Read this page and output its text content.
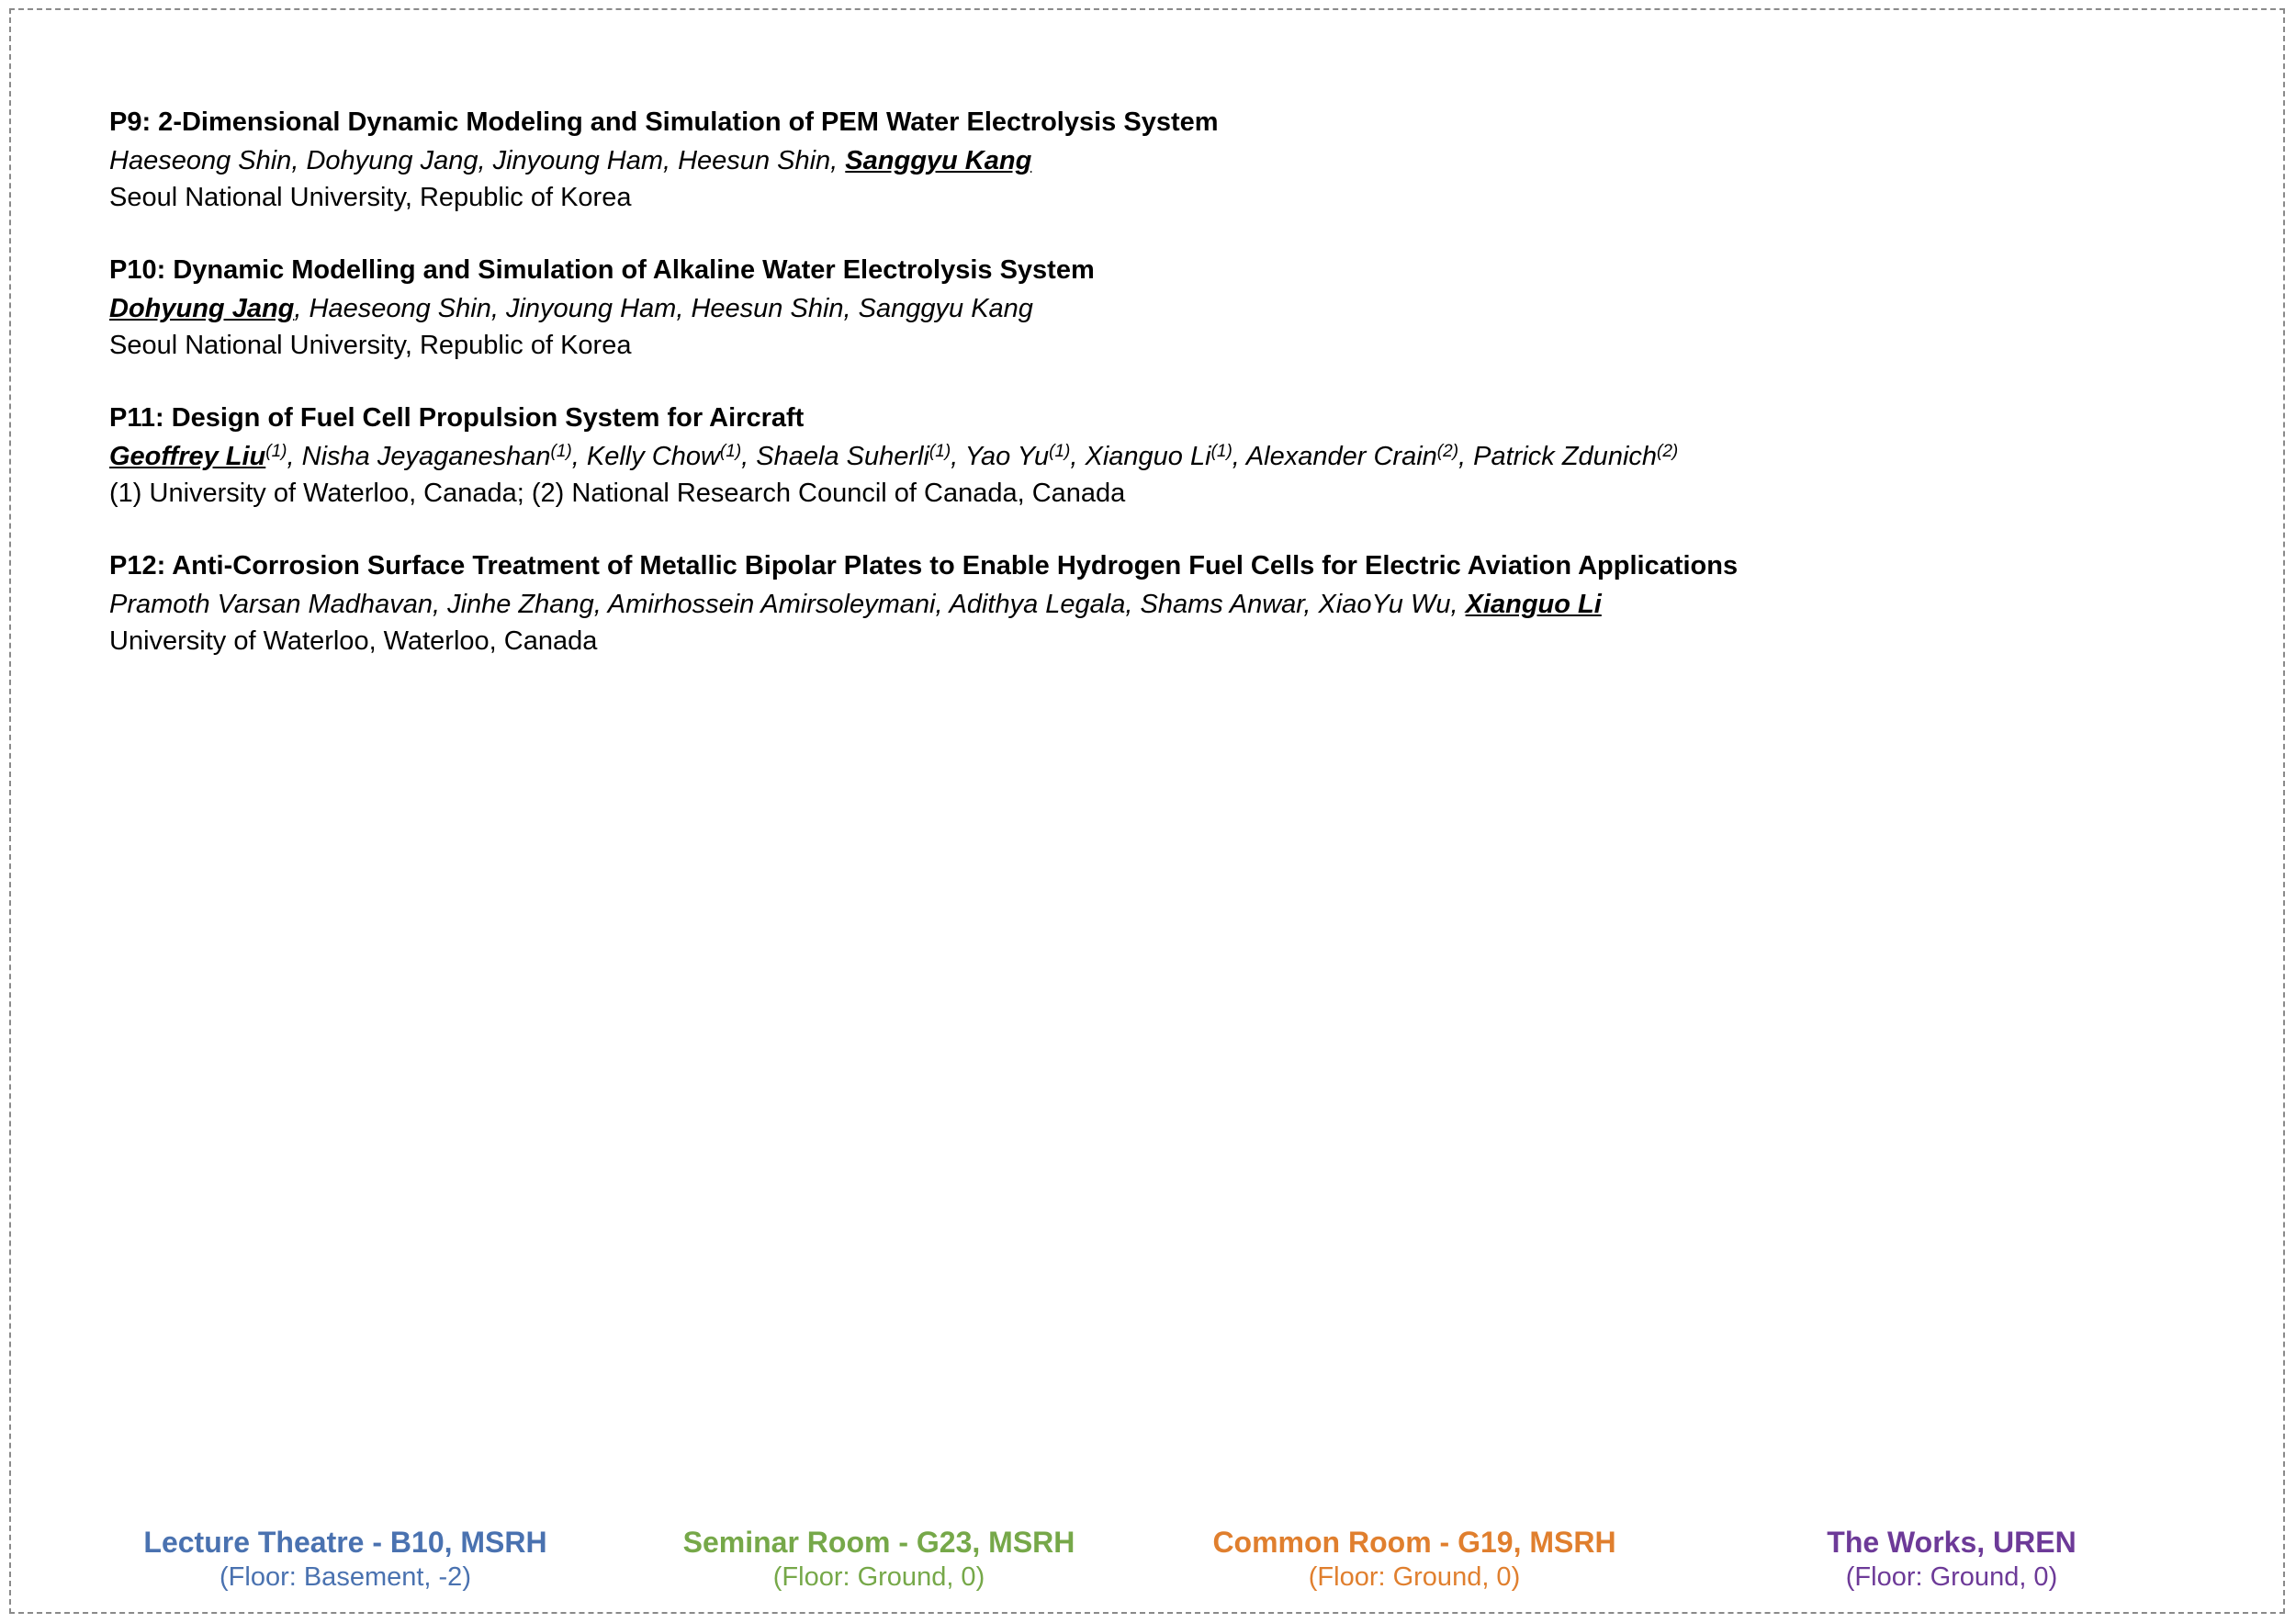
P9: 2-Dimensional Dynamic Modeling and Simulation of PEM Water Electrolysis System
Haeseong Shin, Dohyung Jang, Jinyoung Ham, Heesun Shin, Sanggyu Kang
Seoul National University, Republic of Korea
P10: Dynamic Modelling and Simulation of Alkaline Water Electrolysis System
Dohyung Jang, Haeseong Shin, Jinyoung Ham, Heesun Shin, Sanggyu Kang
Seoul National University, Republic of Korea
P11: Design of Fuel Cell Propulsion System for Aircraft
Geoffrey Liu$^{(1)}$, Nisha Jeyaganeshan$^{(1)}$, Kelly Chow$^{(1)}$, Shaela Suherli$^{(1)}$, Yao Yu$^{(1)}$, Xianguo Li$^{(1)}$, Alexander Crain$^{(2)}$, Patrick Zdunich$^{(2)}$
(1) University of Waterloo, Canada; (2) National Research Council of Canada, Canada
P12: Anti-Corrosion Surface Treatment of Metallic Bipolar Plates to Enable Hydrogen Fuel Cells for Electric Aviation Applications
Pramoth Varsan Madhavan, Jinhe Zhang, Amirhossein Amirsoleymani, Adithya Legala, Shams Anwar, XiaoYu Wu, Xianguo Li
University of Waterloo, Waterloo, Canada
Lecture Theatre - B10, MSRH
(Floor: Basement, -2)
Seminar Room - G23, MSRH
(Floor: Ground, 0)
Common Room - G19, MSRH
(Floor: Ground, 0)
The Works, UREN
(Floor: Ground, 0)
